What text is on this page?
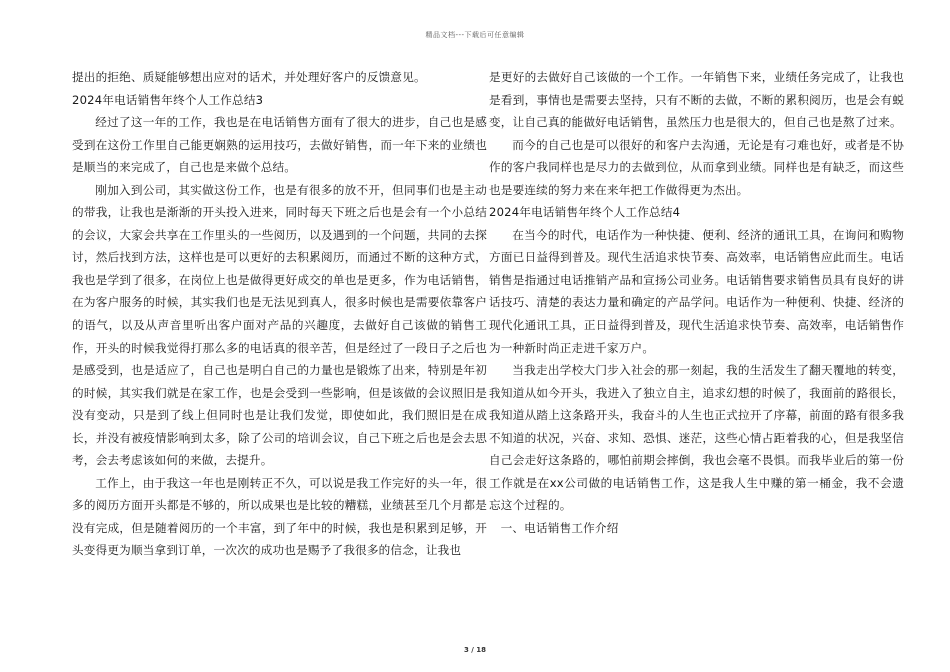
精品文档---下载后可任意编辑

提出的拒绝、质疑能够想出应对的话术，并处理好客户的反馈意见。

2024年电话销售年终个人工作总结3

经过了这一年的工作，我也是在电话销售方面有了很大的进步，自己也是感受到在这份工作里自己能更娴熟的运用技巧，去做好销售，而一年下来的业绩也是顺当的来完成了，自己也是来做个总结。

刚加入到公司，其实做这份工作，也是有很多的放不开，但同事们也是主动的带我，让我也是渐渐的开头投入进来，同时每天下班之后也是会有一个小总结的会议，大家会共享在工作里头的一些阅历，以及遇到的一个问题，共同的去探讨，然后找到方法，这样也是可以更好的去积累阅历，而通过不断的这种方式，我也是学到了很多，在岗位上也是做得更好成交的单也是更多，作为电话销售，在为客户服务的时候，其实我们也是无法见到真人，很多时候也是需要依靠客户的语气，以及从声音里听出客户面对产品的兴趣度，去做好自己该做的销售工作，开头的时候我觉得打那么多的电话真的很辛苦，但是经过了一段日子之后也是感受到，也是适应了，自己也是明白自己的力量也是锻炼了出来，特别是年初的时候，其实我们就是在家工作，也是会受到一些影响，但是该做的会议照旧是没有变动，只是到了线上但同时也是让我们发觉，即使如此，我们照旧是在成长，并没有被疫情影响到太多，除了公司的培训会议，自己下班之后也是会去思考，会去考虑该如何的来做，去提升。

工作上，由于我这一年也是刚转正不久，可以说是我工作完好的头一年，很多的阅历方面开头都是不够的，所以成果也是比较的糟糕，业绩甚至几个月都是没有完成，但是随着阅历的一个丰富，到了年中的时候，我也是积累到足够，开头变得更为顺当拿到订单，一次次的成功也是赐予了我很多的信念，让我也

是更好的去做好自己该做的一个工作。一年销售下来，业绩任务完成了，让我也是看到，事情也是需要去坚持，只有不断的去做，不断的累积阅历，也是会有蜕变，让自己真的能做好电话销售，虽然压力也是很大的，但自己也是熬了过来。

而今的自己也是可以很好的和客户去沟通，无论是有刁难也好，或者是不协作的客户我同样也是尽力的去做到位，从而拿到业绩。同样也是有缺乏，而这些也是要连续的努力来在来年把工作做得更为杰出。

2024年电话销售年终个人工作总结4

在当今的时代，电话作为一种快捷、便利、经济的通讯工具，在询问和购物方面已日益得到普及。现代生活追求快节奏、高效率，电话销售应此而生。电话销售是指通过电话推销产品和宣扬公司业务。电话销售要求销售员具有良好的讲话技巧、清楚的表达力量和确定的产品学问。电话作为一种便利、快捷、经济的现代化通讯工具，正日益得到普及，现代生活追求快节奏、高效率，电话销售作为一种新时尚正走进千家万户。

当我走出学校大门步入社会的那一刻起，我的生活发生了翻天覆地的转变，我知道从如今开头，我进入了独立自主，追求幻想的时候了，我面前的路很长，我知道从踏上这条路开头，我奋斗的人生也正式拉开了序幕，前面的路有很多我不知道的状况，兴奋、求知、恐惧、迷茫，这些心情占距着我的心，但是我坚信自己会走好这条路的，哪怕前期会摔倒，我也会毫不畏惧。而我毕业后的第一份工作就是在xx公司做的电话销售工作，这是我人生中赚的第一桶金，我不会遗忘这个过程的。

一、电话销售工作介绍

3 / 18
